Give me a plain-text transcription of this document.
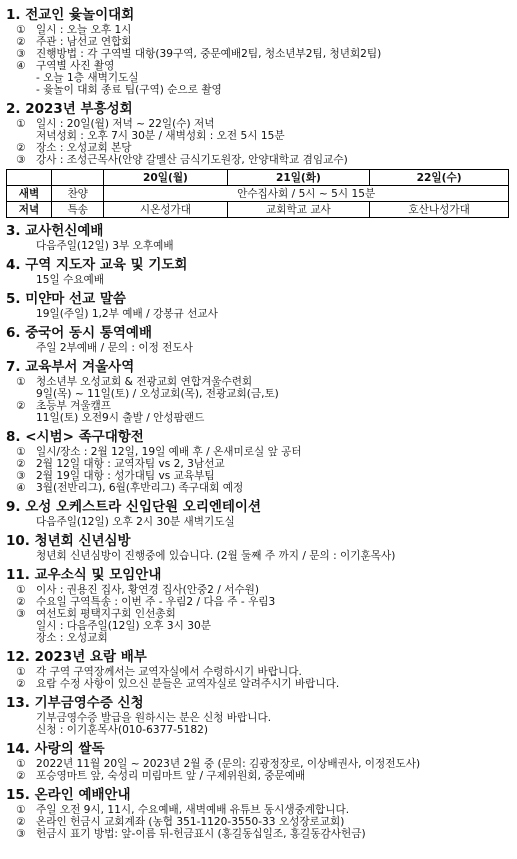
1. 전교인 윷놀이대회
① 일시 : 오늘 오후 1시
② 주관 : 남선교 연합회
③ 진행방법 : 각 구역별 대항(39구역, 중문예배2팀, 청소년부2팀, 청년회2팀)
④ 구역별 사진 촬영
- 오늘 1층 새벽기도실
- 윷놀이 대회 종료 팀(구역) 순으로 촬영
2. 2023년 부흥성회
① 일시 : 20일(월) 저녁 ~ 22일(수) 저녁
저녁성회 : 오후 7시 30분 / 새벽성회 : 오전 5시 15분
② 장소 : 오성교회 본당
③ 강사 : 조성근목사(안양 갈멜산 금식기도원장, 안양대학교 겸임교수)
		20일(월)	21일(화)	22일(수)
새벽	찬양	안수집사회 / 5시 ~ 5시 15분		
저녁	특송	시온성가대	교회학교 교사	호산나성가대
3. 교사헌신예배
다음주일(12일) 3부 오후예배
4. 구역 지도자 교육 및 기도회
15일 수요예배
5. 미얀마 선교 말씀
19일(주일) 1,2부 예배 / 강봉규 선교사
6. 중국어 동시 통역예배
주일 2부예배 / 문의 : 이정 전도사
7. 교육부서 겨울사역
① 청소년부 오성교회 & 전광교회 연합겨울수련회
9일(목) ~ 11일(토) / 오성교회(목), 전광교회(금,토)
② 초등부 겨울캠프
11일(토) 오전9시 출발 / 안성팜랜드
8. <시범> 족구대항전
① 일시/장소 : 2월 12일, 19일 예배 후 / 온새미로실 앞 공터
② 2월 12일 대항 : 교역자팀 vs 2, 3남선교
③ 2월 19일 대항 : 성가대팀 vs 교육부팀
④ 3월(전반리그), 6월(후반리그) 족구대회 예정
9. 오성 오케스트라 신입단원 오리엔테이션
다음주일(12일) 오후 2시 30분 새벽기도실
10. 청년회 신년심방
청년회 신년심방이 진행중에 있습니다. (2월 둘째 주 까지 / 문의 : 이기훈목사)
11. 교우소식 및 모임안내
① 이사 : 권용진 집사, 황연경 집사(안중2 / 서수원)
② 수요일 구역특송 : 이번 주 - 우림2 / 다음 주 - 우림3
③ 여선도회 평택지구회 인선총회
일시 : 다음주일(12일) 오후 3시 30분
장소 : 오성교회
12. 2023년 요람 배부
① 각 구역 구역장께서는 교역자실에서 수령하시기 바랍니다.
② 요람 수정 사항이 있으신 분들은 교역자실로 알려주시기 바랍니다.
13. 기부금영수증 신청
기부금영수증 발급을 원하시는 분은 신청 바랍니다.
신청 : 이기훈목사(010-6377-5182)
14. 사랑의 쌀독
① 2022년 11월 20일 ~ 2023년 2월 중 (문의: 김광정장로, 이상배권사, 이정전도사)
② 포승영마트 앞, 숙성리 미림마트 앞 / 구제위원회, 중문예배
15. 온라인 예배안내
① 주일 오전 9시, 11시, 수요예배, 새벽예배 유튜브 동시생중계합니다.
② 온라인 헌금시 교회계좌 (농협 351-1120-3550-33 오성장로교회)
③ 헌금시 표기 방법: 앞-이름 뒤-헌금표시 (홍길동십일조, 홍길동감사헌금)
